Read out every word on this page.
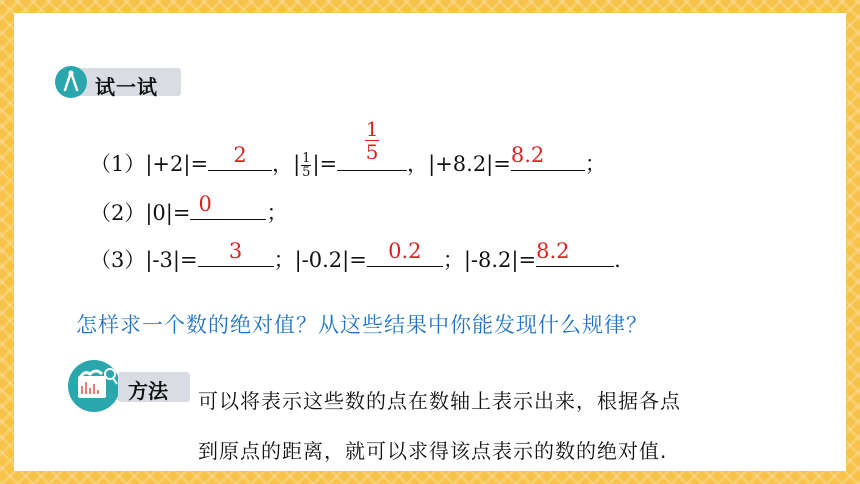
试一试
（1）|+2|=	2	，| $\frac{1}{5}$ |=
$\frac{1}{5}$
，|+8.2|= 8.2	；
（2）|0|= 0	；
（3）|-3|=	3	；|-0.2|=	0.2	；|-8.2|= 8.2	.
怎样求一个数的绝对值？从这些结果中你能发现什么规律？
方法 可以将表示这些数的点在数轴上表示出来，根据各点
到原点的距离，就可以求得该点表示的数的绝对值.
